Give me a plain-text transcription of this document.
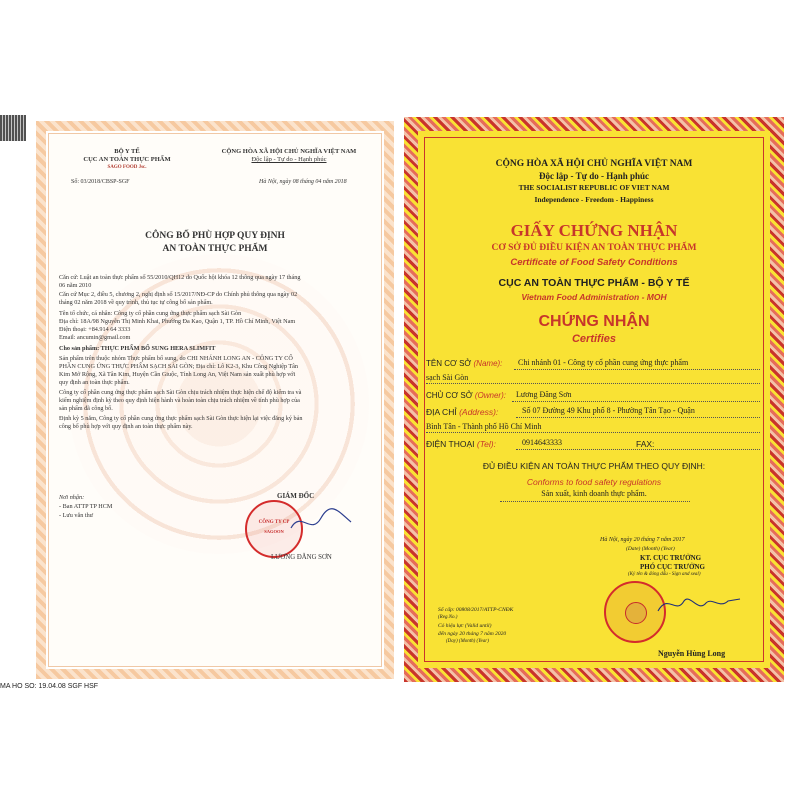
BỘ Y TẾ
CỤC AN TOÀN THỰC PHẨM
SAGO FOOD Jsc.
Số: 03/2018/CBSP-SGF
CỘNG HÒA XÃ HỘI CHỦ NGHĨA VIỆT NAM
Độc lập - Tự do - Hạnh phúc
Hà Nội, ngày 08 tháng 04 năm 2018
CÔNG BỐ PHÙ HỢP QUY ĐỊNH
AN TOÀN THỰC PHẨM
Căn cứ: Luật an toàn thực phẩm số 55/2010/QH12 do Quốc hội khóa 12 thông qua ngày 17 tháng
06 năm 2010
Căn cứ Mục 2, điều 5, chương 2, nghị định số 15/2017/NĐ-CP do Chính phủ thông qua ngày 02
tháng 02 năm 2018 về quy trình, thủ tục tự công bố sản phẩm.
Tên tổ chức, cá nhân: Công ty cổ phần cung ứng thực phẩm sạch Sài Gòn
Địa chỉ: 18A/98 Nguyễn Thị Minh Khai, Phường Đa Kao, Quận 1, TP. Hồ Chí Minh, Việt Nam
Điện thoại: +84.914 64 3333
Email: ancumin@gmail.com
Cho sản phẩm: THỰC PHẨM BỔ SUNG HERA SLIMFIT
Sản phẩm trên thuộc nhóm Thực phẩm bổ sung, do CHI NHÁNH LONG AN - CÔNG TY CỔ
PHẦN CUNG ỨNG THỰC PHẨM SẠCH SÀI GÒN; Địa chỉ: Lô K2-3, Khu Công Nghiệp Tân
Kim Mở Rộng, Xã Tân Kim, Huyện Cần Giuộc, Tỉnh Long An, Việt Nam sản xuất phù hợp với
quy định an toàn thực phẩm.
Công ty cổ phần cung ứng thực phẩm sạch Sài Gòn chịu trách nhiệm thực hiện chế độ kiểm tra và
kiểm nghiệm định kỳ theo quy định hiện hành và hoàn toàn chịu trách nhiệm về tính phù hợp của
sản phẩm đã công bố.
Định kỳ 5 năm, Công ty cổ phần cung ứng thực phẩm sạch Sài Gòn thực hiện lại việc đăng ký bản
công bố phù hợp với quy định an toàn thực phẩm này.
Nơi nhận:
- Ban ATTP TP HCM
- Lưu văn thư
GIÁM ĐỐC
CÔNG TY CP
SAGOON
LƯƠNG ĐĂNG SƠN
MA HO SO: 19.04.08 SGF HSF
CỘNG HÒA XÃ HỘI CHỦ NGHĨA VIỆT NAM
Độc lập - Tự do - Hạnh phúc
THE SOCIALIST REPUBLIC OF VIET NAM
Independence - Freedom - Happiness
GIẤY CHỨNG NHẬN
CƠ SỞ ĐỦ ĐIỀU KIỆN AN TOÀN THỰC PHẨM
Certificate of Food Safety Conditions
CỤC AN TOÀN THỰC PHẨM - BỘ Y TẾ
Vietnam Food Administration - MOH
CHỨNG NHẬN
Certifies
TÊN CƠ SỞ (Name): Chi nhánh 01 - Công ty cổ phần cung ứng thực phẩm
sạch Sài Gòn
CHỦ CƠ SỞ (Owner): Lương Đăng Sơn
ĐỊA CHỈ (Address):	Số 07 Đường 49 Khu phố 8 - Phường Tân Tạo - Quận
Bình Tân - Thành phố Hồ Chí Minh
ĐIỆN THOẠI (Tel):	0914643333	FAX:
ĐỦ ĐIỀU KIỆN AN TOÀN THỰC PHẨM THEO QUY ĐỊNH:
Conforms to food safety regulations
Sản xuất, kinh doanh thực phẩm.
Hà Nội, ngày 20 tháng 7 năm 2017
(Date) (Month) (Year)
KT. CỤC TRƯỞNG
PHÓ CỤC TRƯỞNG
(Ký tên & đóng dấu - Sign and seal)
Số cấp: 00808/2017/ATTP-CNĐK
(Reg.No.)
Có hiệu lực (Valid until)
đến ngày 20 tháng 7 năm 2020
(Day) (Month) (Year)
Nguyễn Hùng Long
